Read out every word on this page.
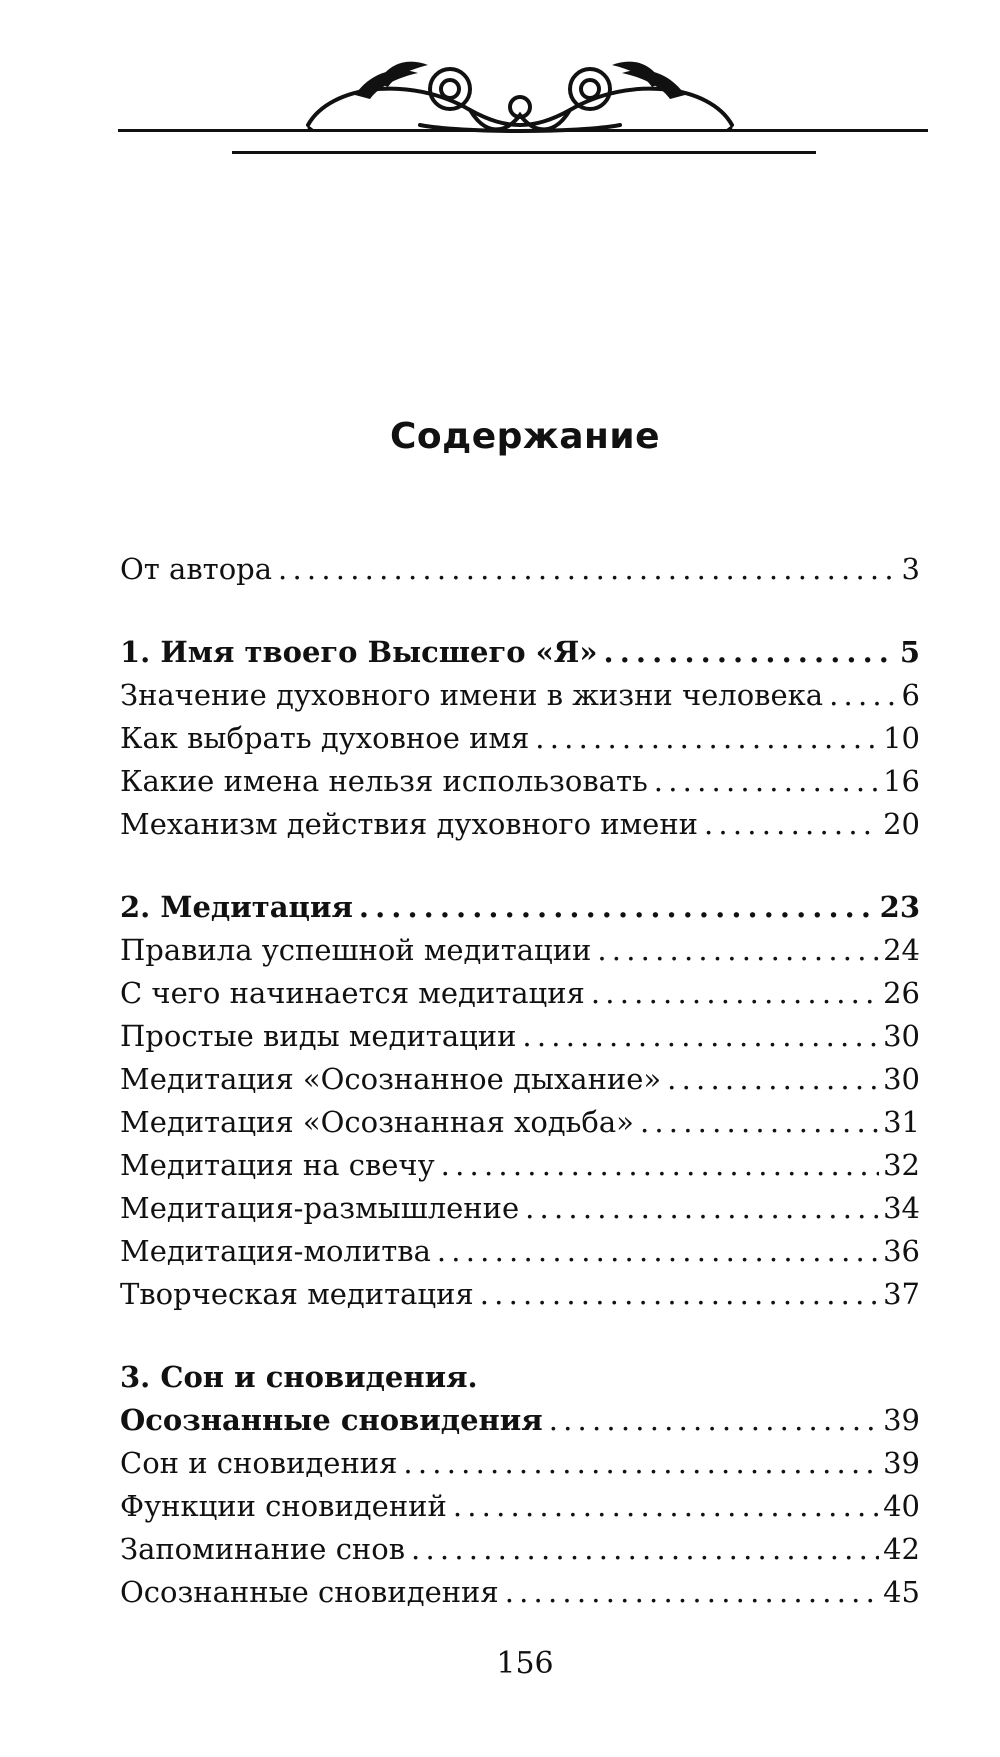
Содержание
От автора . . .	3
1. Имя твоего Высшего «Я» . . .	5
Значение духовного имени в жизни человека . . .	6
Как выбрать духовное имя . . .	10
Какие имена нельзя использовать . . .	16
Механизм действия духовного имени . . .	20
2. Медитация . . .	23
Правила успешной медитации . . .	24
С чего начинается медитация . . .	26
Простые виды медитации . . .	30
Медитация «Осознанное дыхание» . . .	30
Медитация «Осознанная ходьба» . . .	31
Медитация на свечу . . .	32
Медитация-размышление . . .	34
Медитация-молитва . . .	36
Творческая медитация . . .	37
3. Сон и сновидения.
Осознанные сновидения . . .	39
Сон и сновидения . . .	39
Функции сновидений . . .	40
Запоминание снов . . .	42
Осознанные сновидения . . .	45
156
